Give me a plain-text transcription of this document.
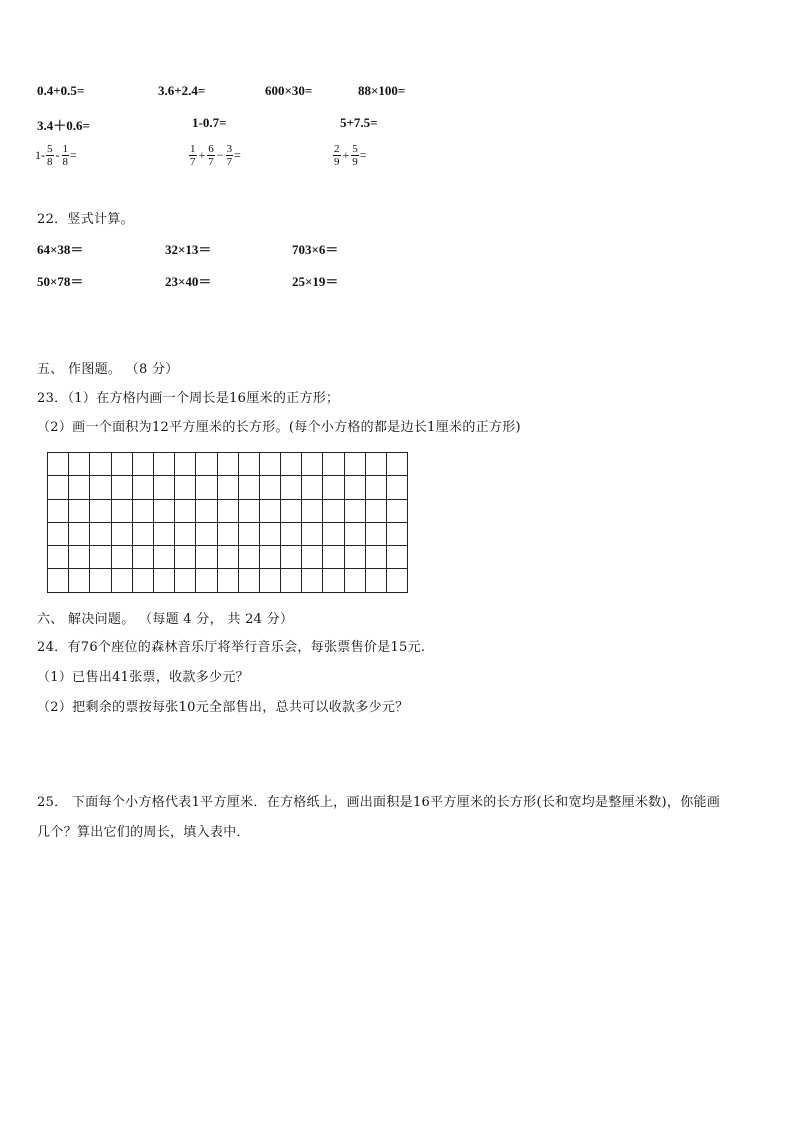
0.4+0.5=	3.6+2.4=	600×30=	88×100=
3.4＋0.6=	1-0.7=	5+7.5=
$1- \frac{5}{8} - \frac{1}{8}$ =	$\frac{1}{7} + \frac{6}{7} - \frac{3}{7}$ =	$\frac{2}{9} + \frac{5}{9}$ =
22．竖式计算。
64×38＝	32×13＝	703×6＝
50×78＝	23×40＝	25×19＝
五、 作图题。 （8 分）
23．（1）在方格内画一个周长是16厘米的正方形；
（2）画一个面积为12平方厘米的长方形。(每个小方格的都是边长1厘米的正方形)
六、 解决问题。 （每题 4 分， 共 24 分）
24．有76个座位的森林音乐厅将举行音乐会，每张票售价是15元.
（1）已售出41张票，收款多少元？
（2）把剩余的票按每张10元全部售出，总共可以收款多少元？
25． 下面每个小方格代表1平方厘米．在方格纸上，画出面积是16平方厘米的长方形(长和宽均是整厘米数)，你能画
几个？算出它们的周长，填入表中．
